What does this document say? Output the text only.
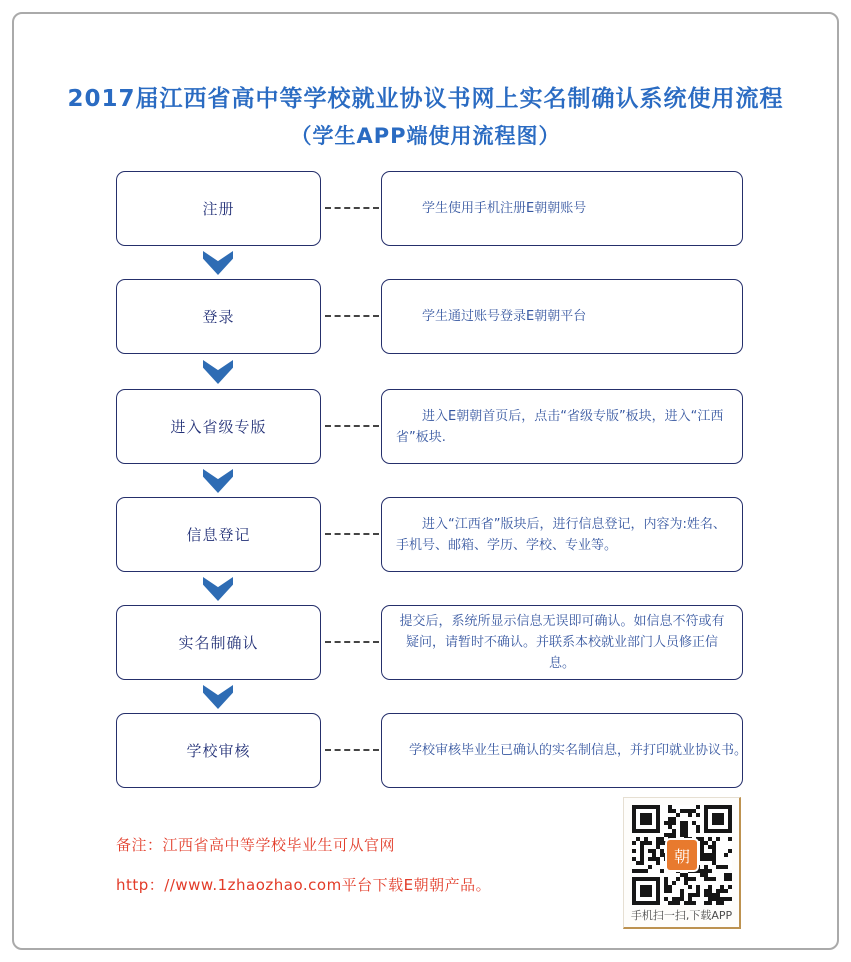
2017届江西省高中等学校就业协议书网上实名制确认系统使用流程
（学生APP端使用流程图）
注册	学生使用手机注册E朝朝账号

登录	学生通过账号登录E朝朝平台

进入省级专版

进入E朝朝首页后，点击“省级专版”板块，进入“江西省”板块.

信息登记

进入“江西省”版块后，进行信息登记，内容为:姓名、手机号、邮箱、学历、学校、专业等。

实名制确认

提交后，系统所显示信息无误即可确认。如信息不符或有疑问，请暂时不确认。并联系本校就业部门人员修正信息。

学校审核	学校审核毕业生已确认的实名制信息，并打印就业协议书。

备注：江西省高中等学校毕业生可从官网
http：//www.1zhaozhao.com平台下载E朝朝产品。
朝
手机扫一扫,下载APP
